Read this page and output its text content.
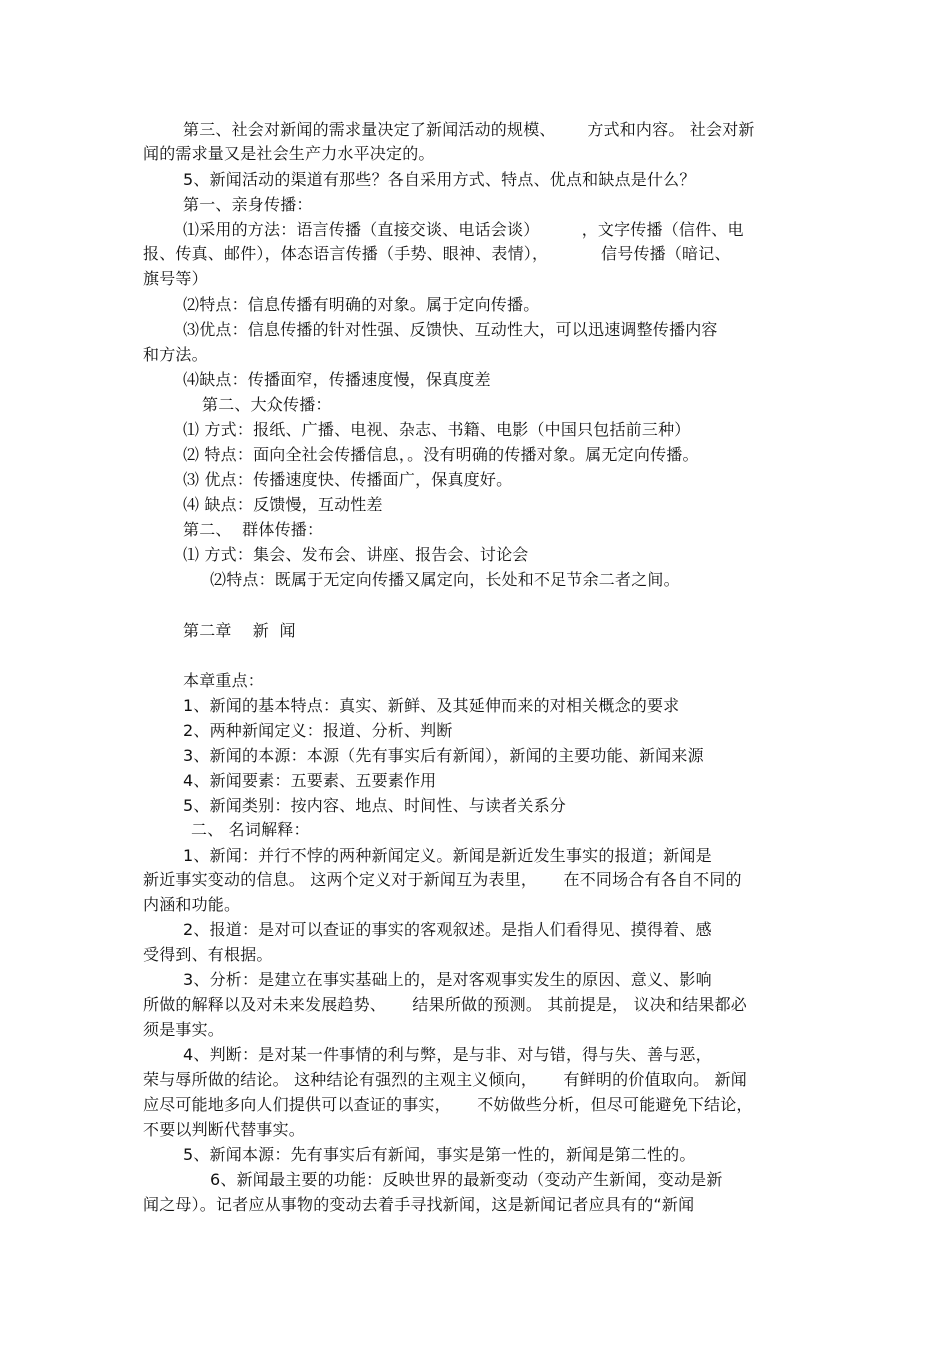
第三、社会对新闻的需求量决定了新闻活动的规模、      方式和内容。 社会对新
闻的需求量又是社会生产力水平决定的。
5、新闻活动的渠道有那些？各自采用方式、特点、优点和缺点是什么？
第一、亲身传播：
⑴采用的方法：语言传播（直接交谈、电话会谈）        ，文字传播（信件、电
报、传真、邮件），体态语言传播（手势、眼神、表情），          信号传播（暗记、
旗号等）
⑵特点：信息传播有明确的对象。属于定向传播。
⑶优点：信息传播的针对性强、反馈快、互动性大，可以迅速调整传播内容
和方法。
⑷缺点：传播面窄，传播速度慢，保真度差
第二、大众传播：
⑴ 方式：报纸、广播、电视、杂志、书籍、电影（中国只包括前三种）
⑵ 特点：面向全社会传播信息，。没有明确的传播对象。属无定向传播。
⑶ 优点：传播速度快、传播面广，保真度好。
⑷ 缺点：反馈慢，互动性差
第二、  群体传播：
⑴ 方式：集会、发布会、讲座、报告会、讨论会
⑵特点：既属于无定向传播又属定向，长处和不足节余二者之间。
第二章    新  闻
本章重点：
1、新闻的基本特点：真实、新鲜、及其延伸而来的对相关概念的要求
2、两种新闻定义：报道、分析、判断
3、新闻的本源：本源（先有事实后有新闻），新闻的主要功能、新闻来源
4、新闻要素：五要素、五要素作用
5、新闻类别：按内容、地点、时间性、与读者关系分
二、 名词解释：
1、新闻：并行不悖的两种新闻定义。新闻是新近发生事实的报道；新闻是
新近事实变动的信息。 这两个定义对于新闻互为表里，     在不同场合有各自不同的
内涵和功能。
2、报道：是对可以查证的事实的客观叙述。是指人们看得见、摸得着、感
受得到、有根据。
3、分析：是建立在事实基础上的，是对客观事实发生的原因、意义、影响
所做的解释以及对未来发展趋势、     结果所做的预测。 其前提是， 议决和结果都必
须是事实。
4、判断：是对某一件事情的利与弊，是与非、对与错，得与失、善与恶，
荣与辱所做的结论。 这种结论有强烈的主观主义倾向，     有鲜明的价值取向。 新闻
应尽可能地多向人们提供可以查证的事实，     不妨做些分析，但尽可能避免下结论，
不要以判断代替事实。
5、新闻本源：先有事实后有新闻，事实是第一性的，新闻是第二性的。
6、新闻最主要的功能：反映世界的最新变动（变动产生新闻，变动是新
闻之母）。记者应从事物的变动去着手寻找新闻，这是新闻记者应具有的“新闻
